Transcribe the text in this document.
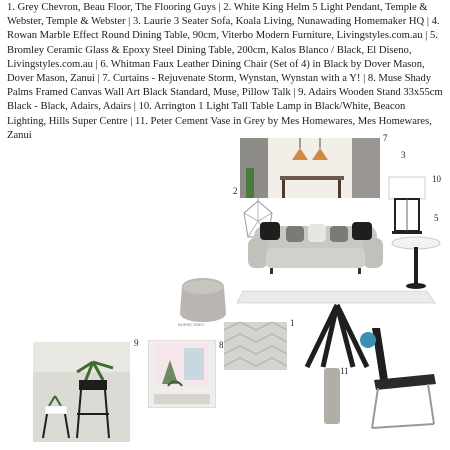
1. Grey Chevron, Beau Floor, The Flooring Guys | 2. White King Helm 5 Light Pendant, Temple & Webster, Temple & Webster | 3. Laurie 3 Seater Sofa, Koala Living, Nunawading Homemaker HQ | 4. Rowan Marble Effect Round Dining Table, 90cm, Viterbo Modern Furniture, Livingstyles.com.au | 5. Bromley Ceramic Glass & Epoxy Steel Dining Table, 200cm, Kalos Blanco / Black, El Diseno, Livingstyles.com.au | 6. Whitman Faux Leather Dining Chair (Set of 4) in Black by Dover Mason, Dover Mason, Zanui | 7. Curtains - Rejuvenate Storm, Wynstan, Wynstan with a Y! | 8. Muse Shady Palms Framed Canvas Wall Art Black Standard, Muse, Pillow Talk | 9. Adairs Wooden Stand 33x55cm Black - Black, Adairs, Adairs | 10. Arrington 1 Light Tall Table Lamp in Black/White, Beacon Lighting, Hills Super Centre | 11. Peter Cement Vase in Grey by Mes Homewares, Mes Homewares, Zanui	7
3
2
10
5
NURSE GREY	1
4
9	8
11
